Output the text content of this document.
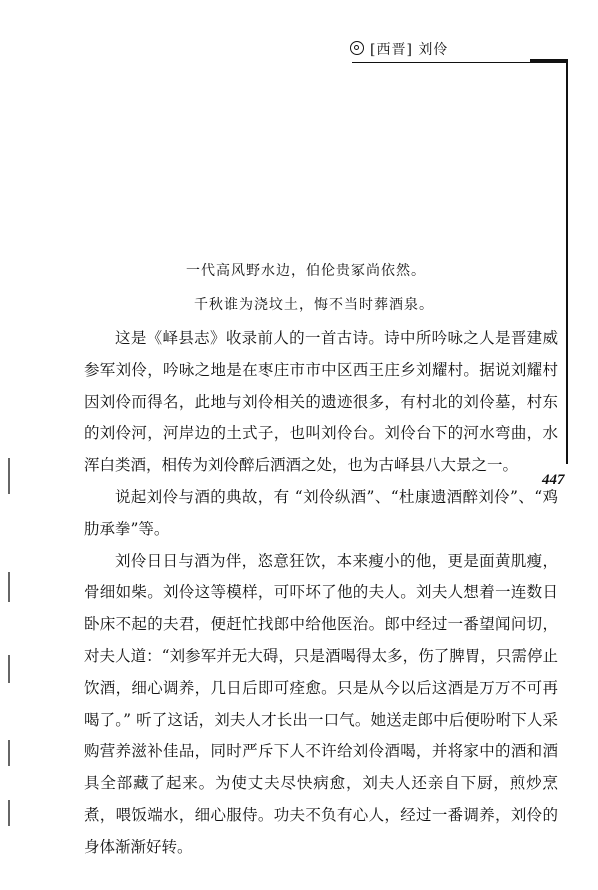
[西晋] 刘伶
447
一代高风野水边，伯伦贵冢尚依然。
千秋谁为浇坟土，悔不当时葬酒泉。

这是《峄县志》收录前人的一首古诗。诗中所吟咏之人是晋建威参军刘伶，吟咏之地是在枣庄市市中区西王庄乡刘耀村。据说刘耀村因刘伶而得名，此地与刘伶相关的遗迹很多，有村北的刘伶墓，村东的刘伶河，河岸边的土式子，也叫刘伶台。刘伶台下的河水弯曲，水浑白类酒，相传为刘伶醉后洒酒之处，也为古峄县八大景之一。

说起刘伶与酒的典故，有 “刘伶纵酒”、“杜康遗酒醉刘伶”、“鸡肋承拳”等。

刘伶日日与酒为伴，恣意狂饮，本来瘦小的他，更是面黄肌瘦，骨细如柴。刘伶这等模样，可吓坏了他的夫人。刘夫人想着一连数日卧床不起的夫君，便赶忙找郎中给他医治。郎中经过一番望闻问切，对夫人道：“刘参军并无大碍，只是酒喝得太多，伤了脾胃，只需停止饮酒，细心调养，几日后即可痊愈。只是从今以后这酒是万万不可再喝了。” 听了这话，刘夫人才长出一口气。她送走郎中后便吩咐下人采购营养滋补佳品，同时严斥下人不许给刘伶酒喝，并将家中的酒和酒具全部藏了起来。为使丈夫尽快病愈，刘夫人还亲自下厨，煎炒烹煮，喂饭端水，细心服侍。功夫不负有心人，经过一番调养，刘伶的身体渐渐好转。
